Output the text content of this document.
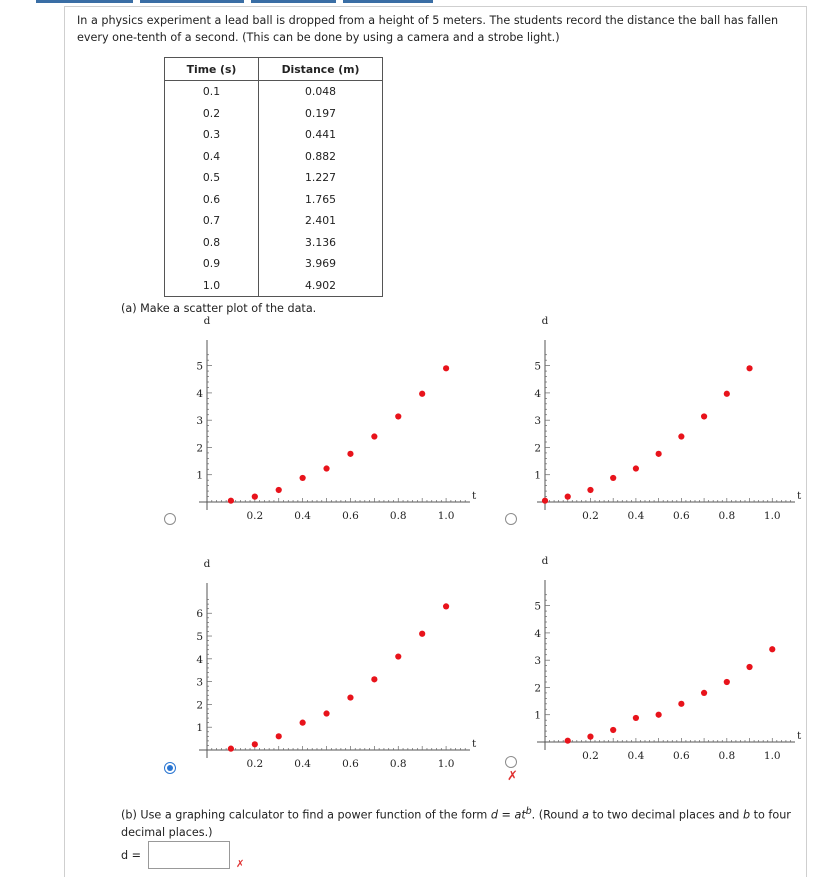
In a physics experiment a lead ball is dropped from a height of 5 meters. The students record the distance the ball has fallen every one-tenth of a second. (This can be done by using a camera and a strobe light.)
Time (s)	Distance (m)
0.1	0.048
0.2	0.197
0.3	0.441
0.4	0.882
0.5	1.227
0.6	1.765
0.7	2.401
0.8	3.136
0.9	3.969
1.0	4.902
(a) Make a scatter plot of the data.
0.2	0.4	0.6	0.8	1.0
1
2
3
4
5
t
d
0.2	0.4	0.6	0.8	1.0
1
2
3
4
5
t
d
0.2	0.4	0.6	0.8	1.0
1
2
3
4
5
6
t
d
0.2	0.4	0.6	0.8	1.0
1
2
3
4
5
t
d
✗
(b) Use a graphing calculator to find a power function of the form $d = at^b$. (Round a to two decimal places and b to four decimal places.)
d =
✗
